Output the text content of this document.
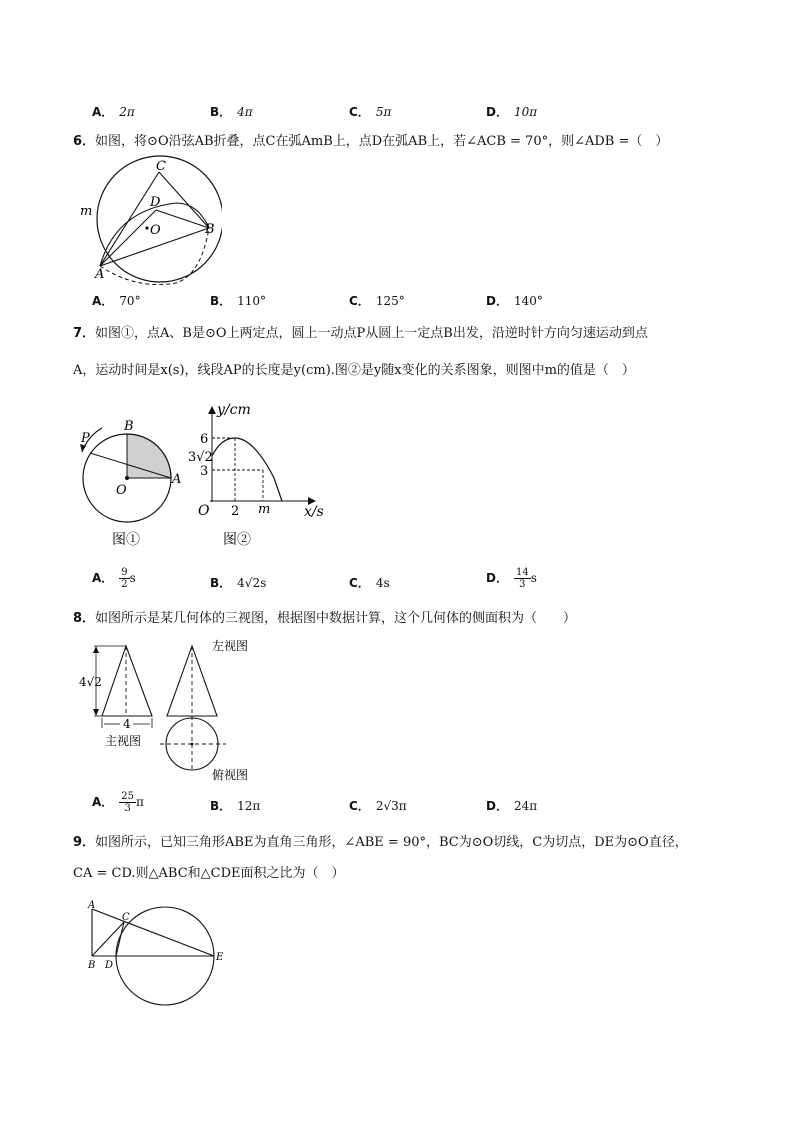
A． 2π	B． 4π	C． 5π	D． 10π
6．如图，将⊙O沿弦AB折叠，点C在弧AmB上，点D在弧AB上，若∠ACB = 70°，则∠ADB =（　）
C
D
O	B
A
m
A． 70°	B． 110°	C． 125°	D． 140°
7．如图①，点A、B是⊙O上两定点，圆上一动点P从圆上一定点B出发，沿逆时针方向匀速运动到点
A，运动时间是x(s)，线段AP的长度是y(cm).图②是y随x变化的关系图象，则图中m的值是（　）
P
B
O
A
图①
y/cm
x/s
O
6
3√2
3
2 m
图②
A． $\frac{9}{2}$ s	B． 4√2s	C． 4s	D． $\frac{14}{3}$ s
8．如图所示是某几何体的三视图，根据图中数据计算，这个几何体的侧面积为（　　）
4√2
4
主视图
左视图
俯视图
A． $\frac{25}{3}$ π	B． 12π	C． 2√3π	D． 24π
9．如图所示，已知三角形ABE为直角三角形，∠ABE = 90°，BC为⊙O切线，C为切点，DE为⊙O直径，
CA = CD.则△ABC和△CDE面积之比为（　）
A
C
B D
E
